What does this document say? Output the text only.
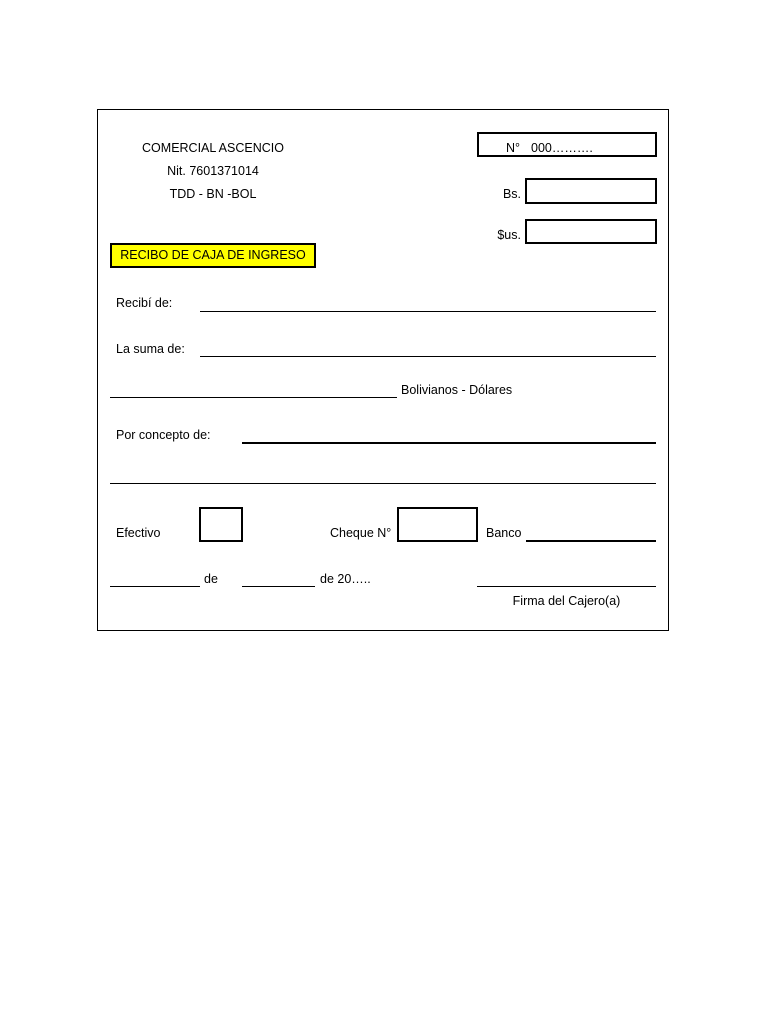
COMERCIAL ASCENCIO
Nit. 7601371014
TDD - BN -BOL
N° 000……….
Bs.
$us.
RECIBO DE CAJA DE INGRESO
Recibí de:
La suma de:
Bolivianos - Dólares
Por concepto de:
Efectivo	Cheque N°	Banco
de	de 20…..
Firma del Cajero(a)
